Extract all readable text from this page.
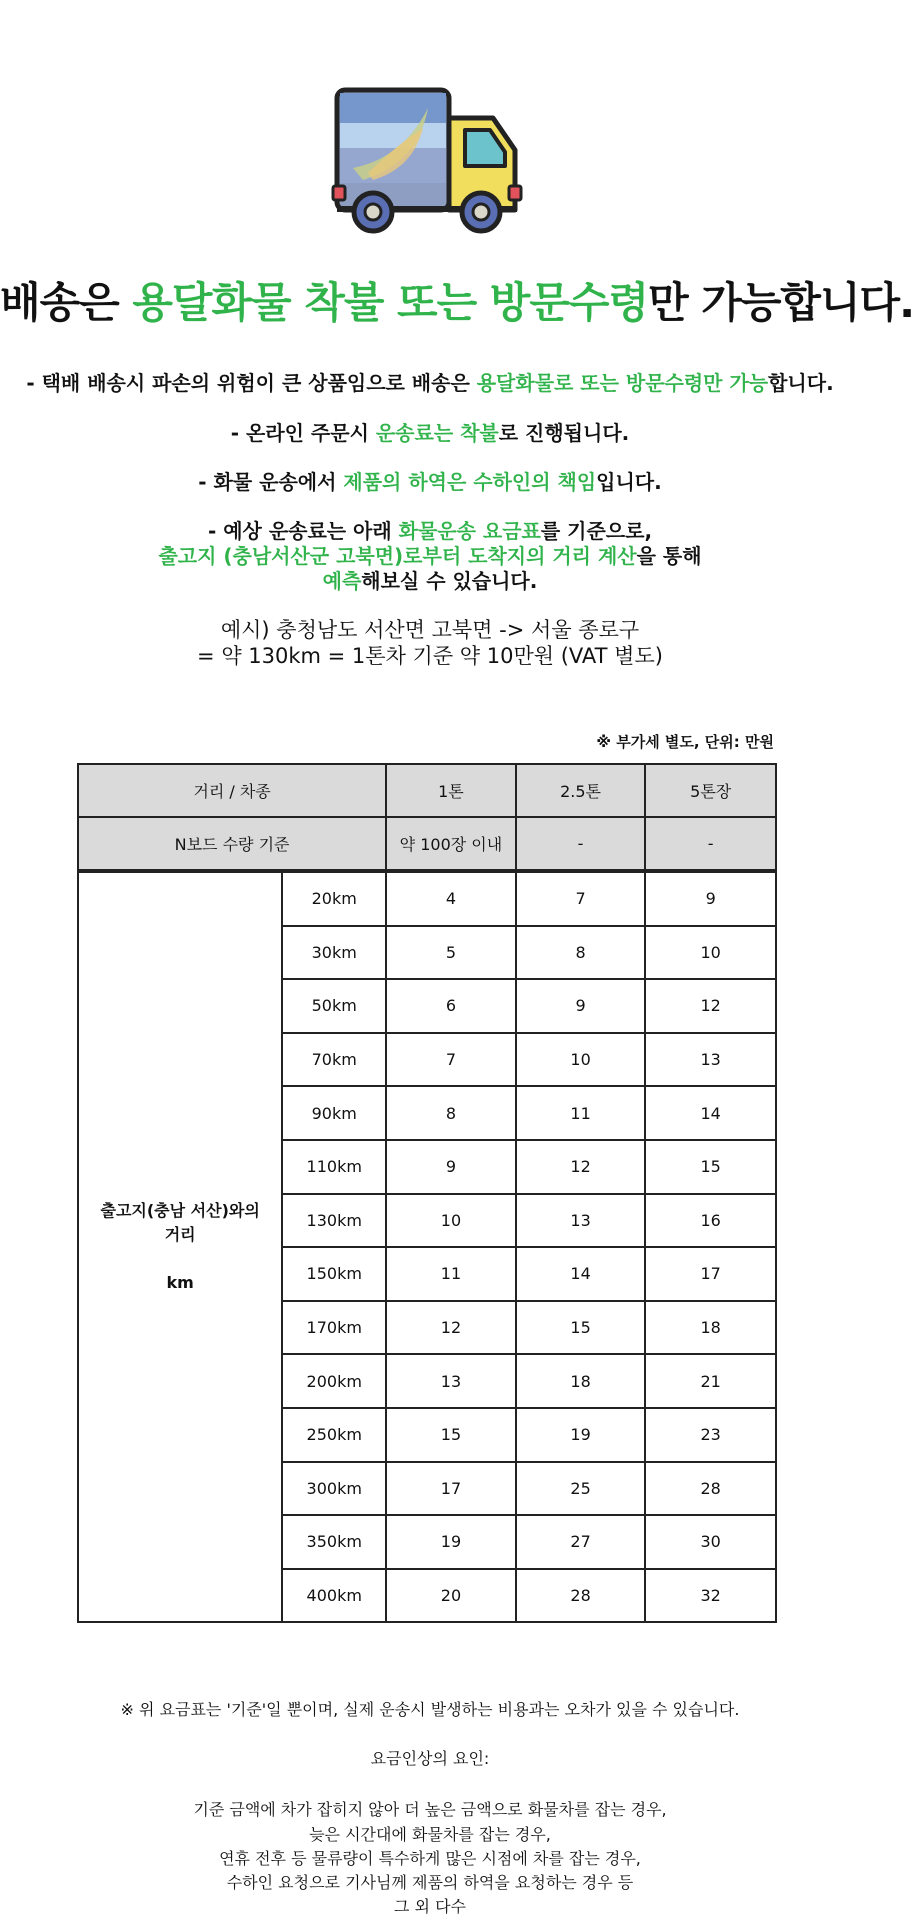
배송은 용달화물 착불 또는 방문수령만 가능합니다.
- 택배 배송시 파손의 위험이 큰 상품임으로 배송은 용달화물로 또는 방문수령만 가능합니다.
- 온라인 주문시 운송료는 착불로 진행됩니다.
- 화물 운송에서 제품의 하역은 수하인의 책임입니다.
- 예상 운송료는 아래 화물운송 요금표를 기준으로,
출고지 (충남서산군 고북면)로부터 도착지의 거리 계산을 통해
예측해보실 수 있습니다.
예시) 충청남도 서산면 고북면 -> 서울 종로구
= 약 130km = 1톤차 기준 약 10만원 (VAT 별도)
※ 부가세 별도, 단위: 만원
거리 / 차종		1톤	2.5톤	5톤장
N보드 수량 기준		약 100장 이내	-	-
출고지(충남 서산)와의
거리

km	20km	4	7	9
	30km	5	8	10
	50km	6	9	12
	70km	7	10	13
	90km	8	11	14
	110km	9	12	15
	130km	10	13	16
	150km	11	14	17
	170km	12	15	18
	200km	13	18	21
	250km	15	19	23
	300km	17	25	28
	350km	19	27	30
	400km	20	28	32
※ 위 요금표는 '기준'일 뿐이며, 실제 운송시 발생하는 비용과는 오차가 있을 수 있습니다.
요금인상의 요인:
기준 금액에 차가 잡히지 않아 더 높은 금액으로 화물차를 잡는 경우,
늦은 시간대에 화물차를 잡는 경우,
연휴 전후 등 물류량이 특수하게 많은 시점에 차를 잡는 경우,
수하인 요청으로 기사님께 제품의 하역을 요청하는 경우 등
그 외 다수
